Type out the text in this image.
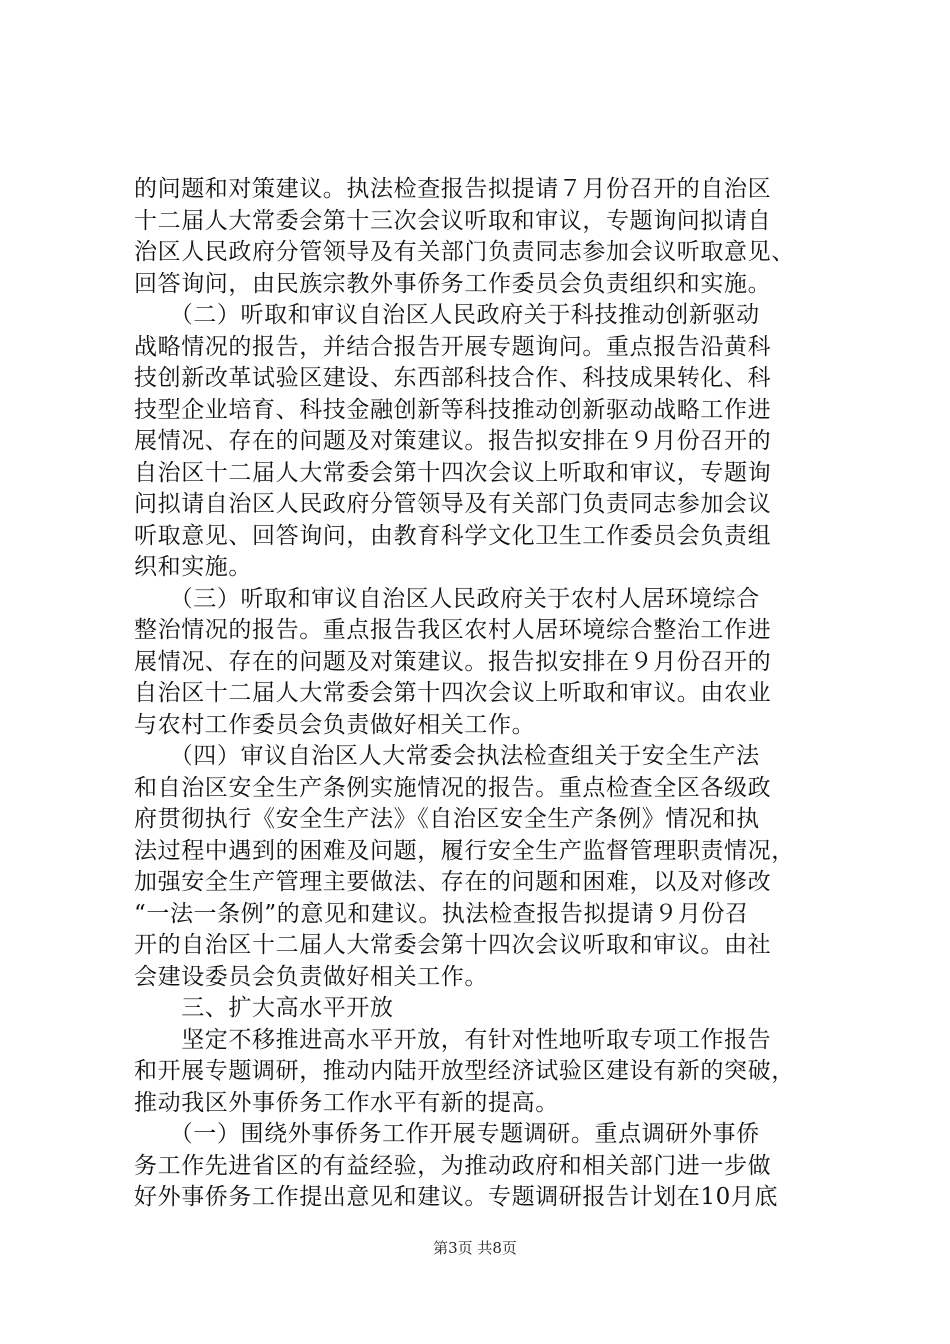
的问题和对策建议。执法检查报告拟提请７月份召开的自治区
十二届人大常委会第十三次会议听取和审议，专题询问拟请自
治区人民政府分管领导及有关部门负责同志参加会议听取意见、
回答询问，由民族宗教外事侨务工作委员会负责组织和实施。
　　（二）听取和审议自治区人民政府关于科技推动创新驱动
战略情况的报告，并结合报告开展专题询问。重点报告沿黄科
技创新改革试验区建设、东西部科技合作、科技成果转化、科
技型企业培育、科技金融创新等科技推动创新驱动战略工作进
展情况、存在的问题及对策建议。报告拟安排在９月份召开的
自治区十二届人大常委会第十四次会议上听取和审议，专题询
问拟请自治区人民政府分管领导及有关部门负责同志参加会议
听取意见、回答询问，由教育科学文化卫生工作委员会负责组
织和实施。
　　（三）听取和审议自治区人民政府关于农村人居环境综合
整治情况的报告。重点报告我区农村人居环境综合整治工作进
展情况、存在的问题及对策建议。报告拟安排在９月份召开的
自治区十二届人大常委会第十四次会议上听取和审议。由农业
与农村工作委员会负责做好相关工作。
　　（四）审议自治区人大常委会执法检查组关于安全生产法
和自治区安全生产条例实施情况的报告。重点检查全区各级政
府贯彻执行《安全生产法》《自治区安全生产条例》情况和执
法过程中遇到的困难及问题，履行安全生产监督管理职责情况，
加强安全生产管理主要做法、存在的问题和困难，以及对修改
“一法一条例”的意见和建议。执法检查报告拟提请９月份召
开的自治区十二届人大常委会第十四次会议听取和审议。由社
会建设委员会负责做好相关工作。
　　三、扩大高水平开放
　　坚定不移推进高水平开放，有针对性地听取专项工作报告
和开展专题调研，推动内陆开放型经济试验区建设有新的突破，
推动我区外事侨务工作水平有新的提高。
　　（一）围绕外事侨务工作开展专题调研。重点调研外事侨
务工作先进省区的有益经验，为推动政府和相关部门进一步做
好外事侨务工作提出意见和建议。专题调研报告计划在10月底
第3页 共8页
